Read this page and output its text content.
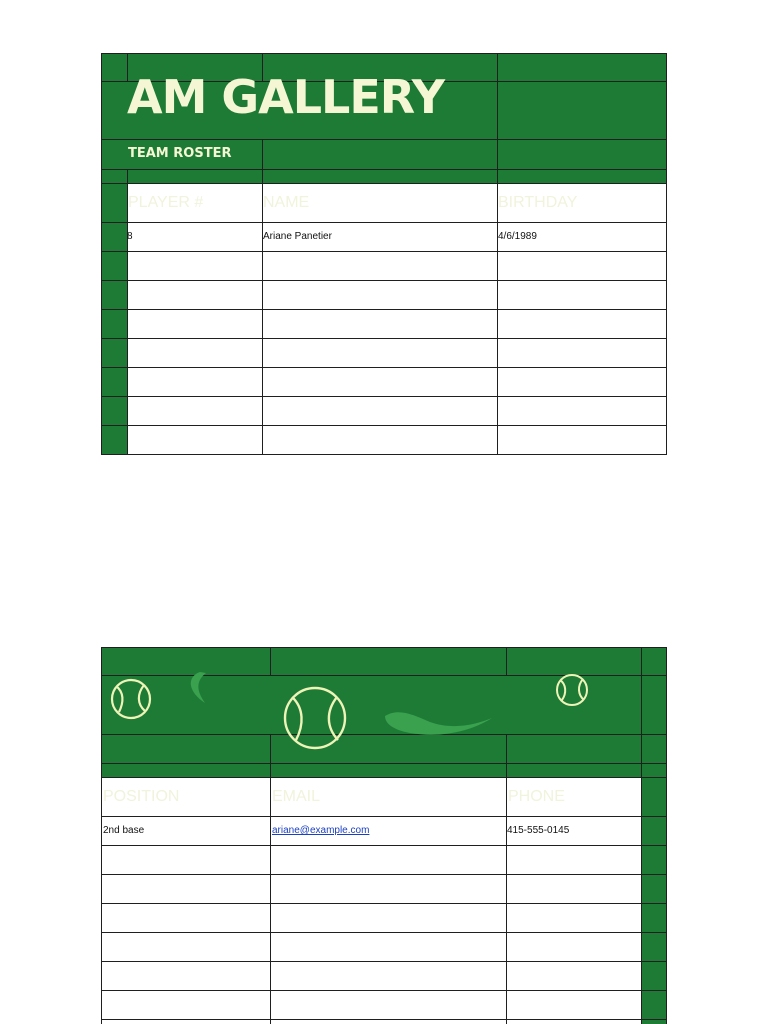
AM GALLERY
TEAM ROSTER
PLAYER #	NAME	BIRTHDAY
8	Ariane Panetier	4/6/1989
POSITION	EMAIL	PHONE
2nd base	ariane@example.com	415-555-0145
